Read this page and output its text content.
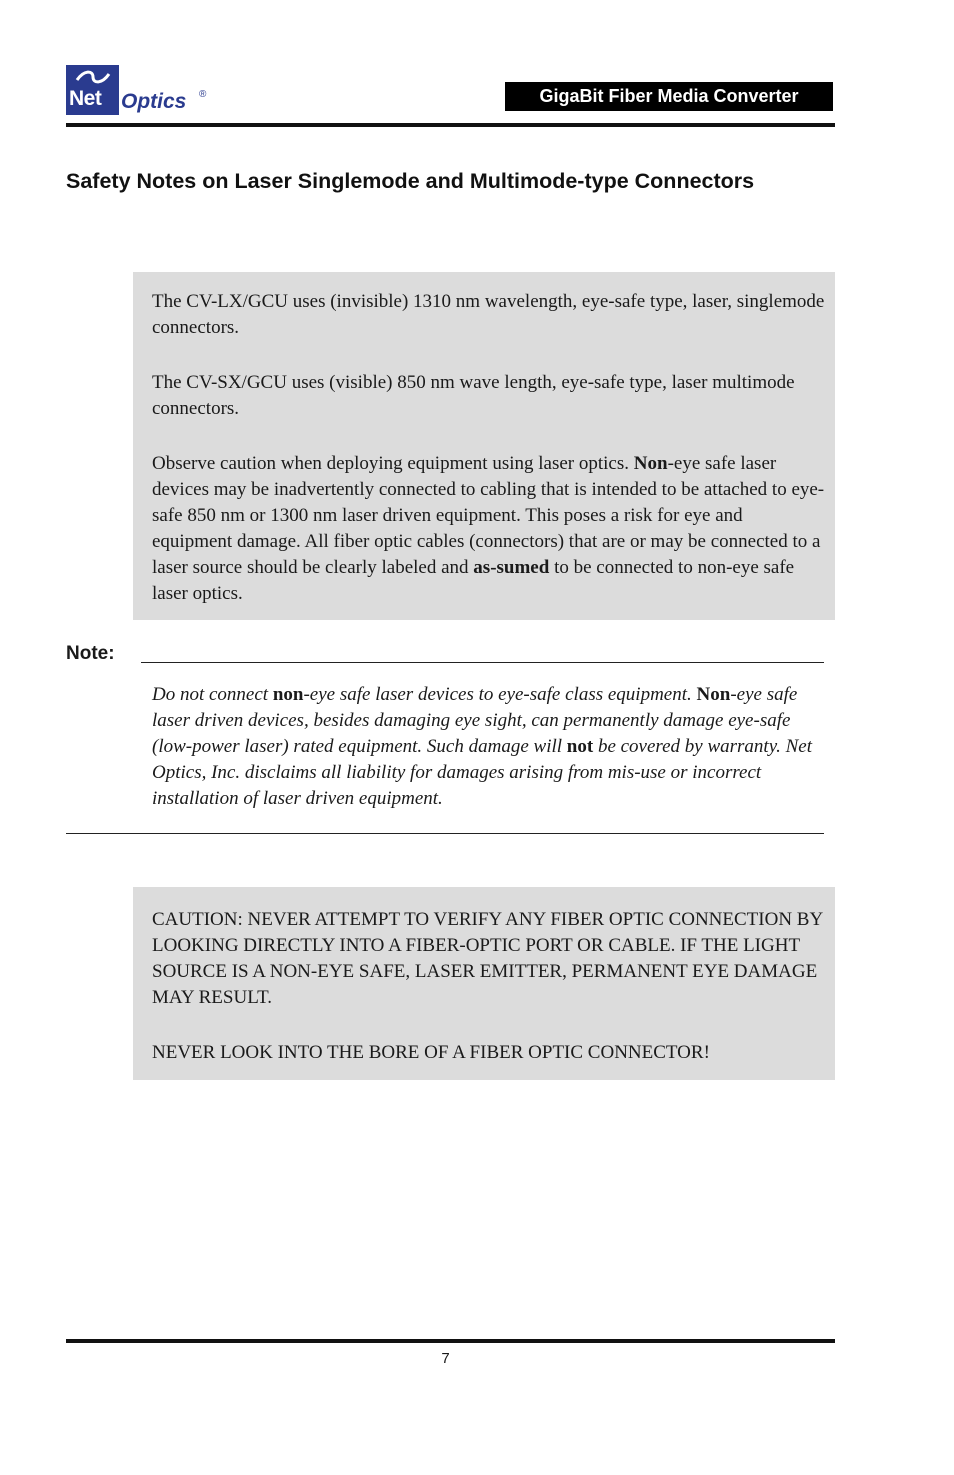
Net Optics ®	GigaBit Fiber Media Converter
Safety Notes on Laser Singlemode and Multimode-type Connectors

The CV-LX/GCU uses (invisible) 1310 nm wavelength, eye-safe type, laser, singlemode connectors.

The CV-SX/GCU uses (visible) 850 nm wave length, eye-safe type, laser multimode connectors.

Observe caution when deploying equipment using laser optics. Non-eye safe laser devices may be inadvertently connected to cabling that is intended to be attached to eye-safe 850 nm or 1300 nm laser driven equipment. This poses a risk for eye and equipment damage. All fiber optic cables (connectors) that are or may be connected to a laser source should be clearly labeled and as-sumed to be connected to non-eye safe laser optics.

Note:
Do not connect non-eye safe laser devices to eye-safe class equipment. Non-eye safe laser driven devices, besides damaging eye sight, can permanently damage eye-safe (low-power laser) rated equipment. Such damage will not be covered by warranty. Net Optics, Inc. disclaims all liability for damages arising from mis-use or incorrect installation of laser driven equipment.

CAUTION: NEVER ATTEMPT TO VERIFY ANY FIBER OPTIC CONNECTION BY LOOKING DIRECTLY INTO A FIBER-OPTIC PORT OR CABLE. IF THE LIGHT SOURCE IS A NON-EYE SAFE, LASER EMITTER, PERMANENT EYE DAMAGE MAY RESULT.

NEVER LOOK INTO THE BORE OF A FIBER OPTIC CONNECTOR!

7
